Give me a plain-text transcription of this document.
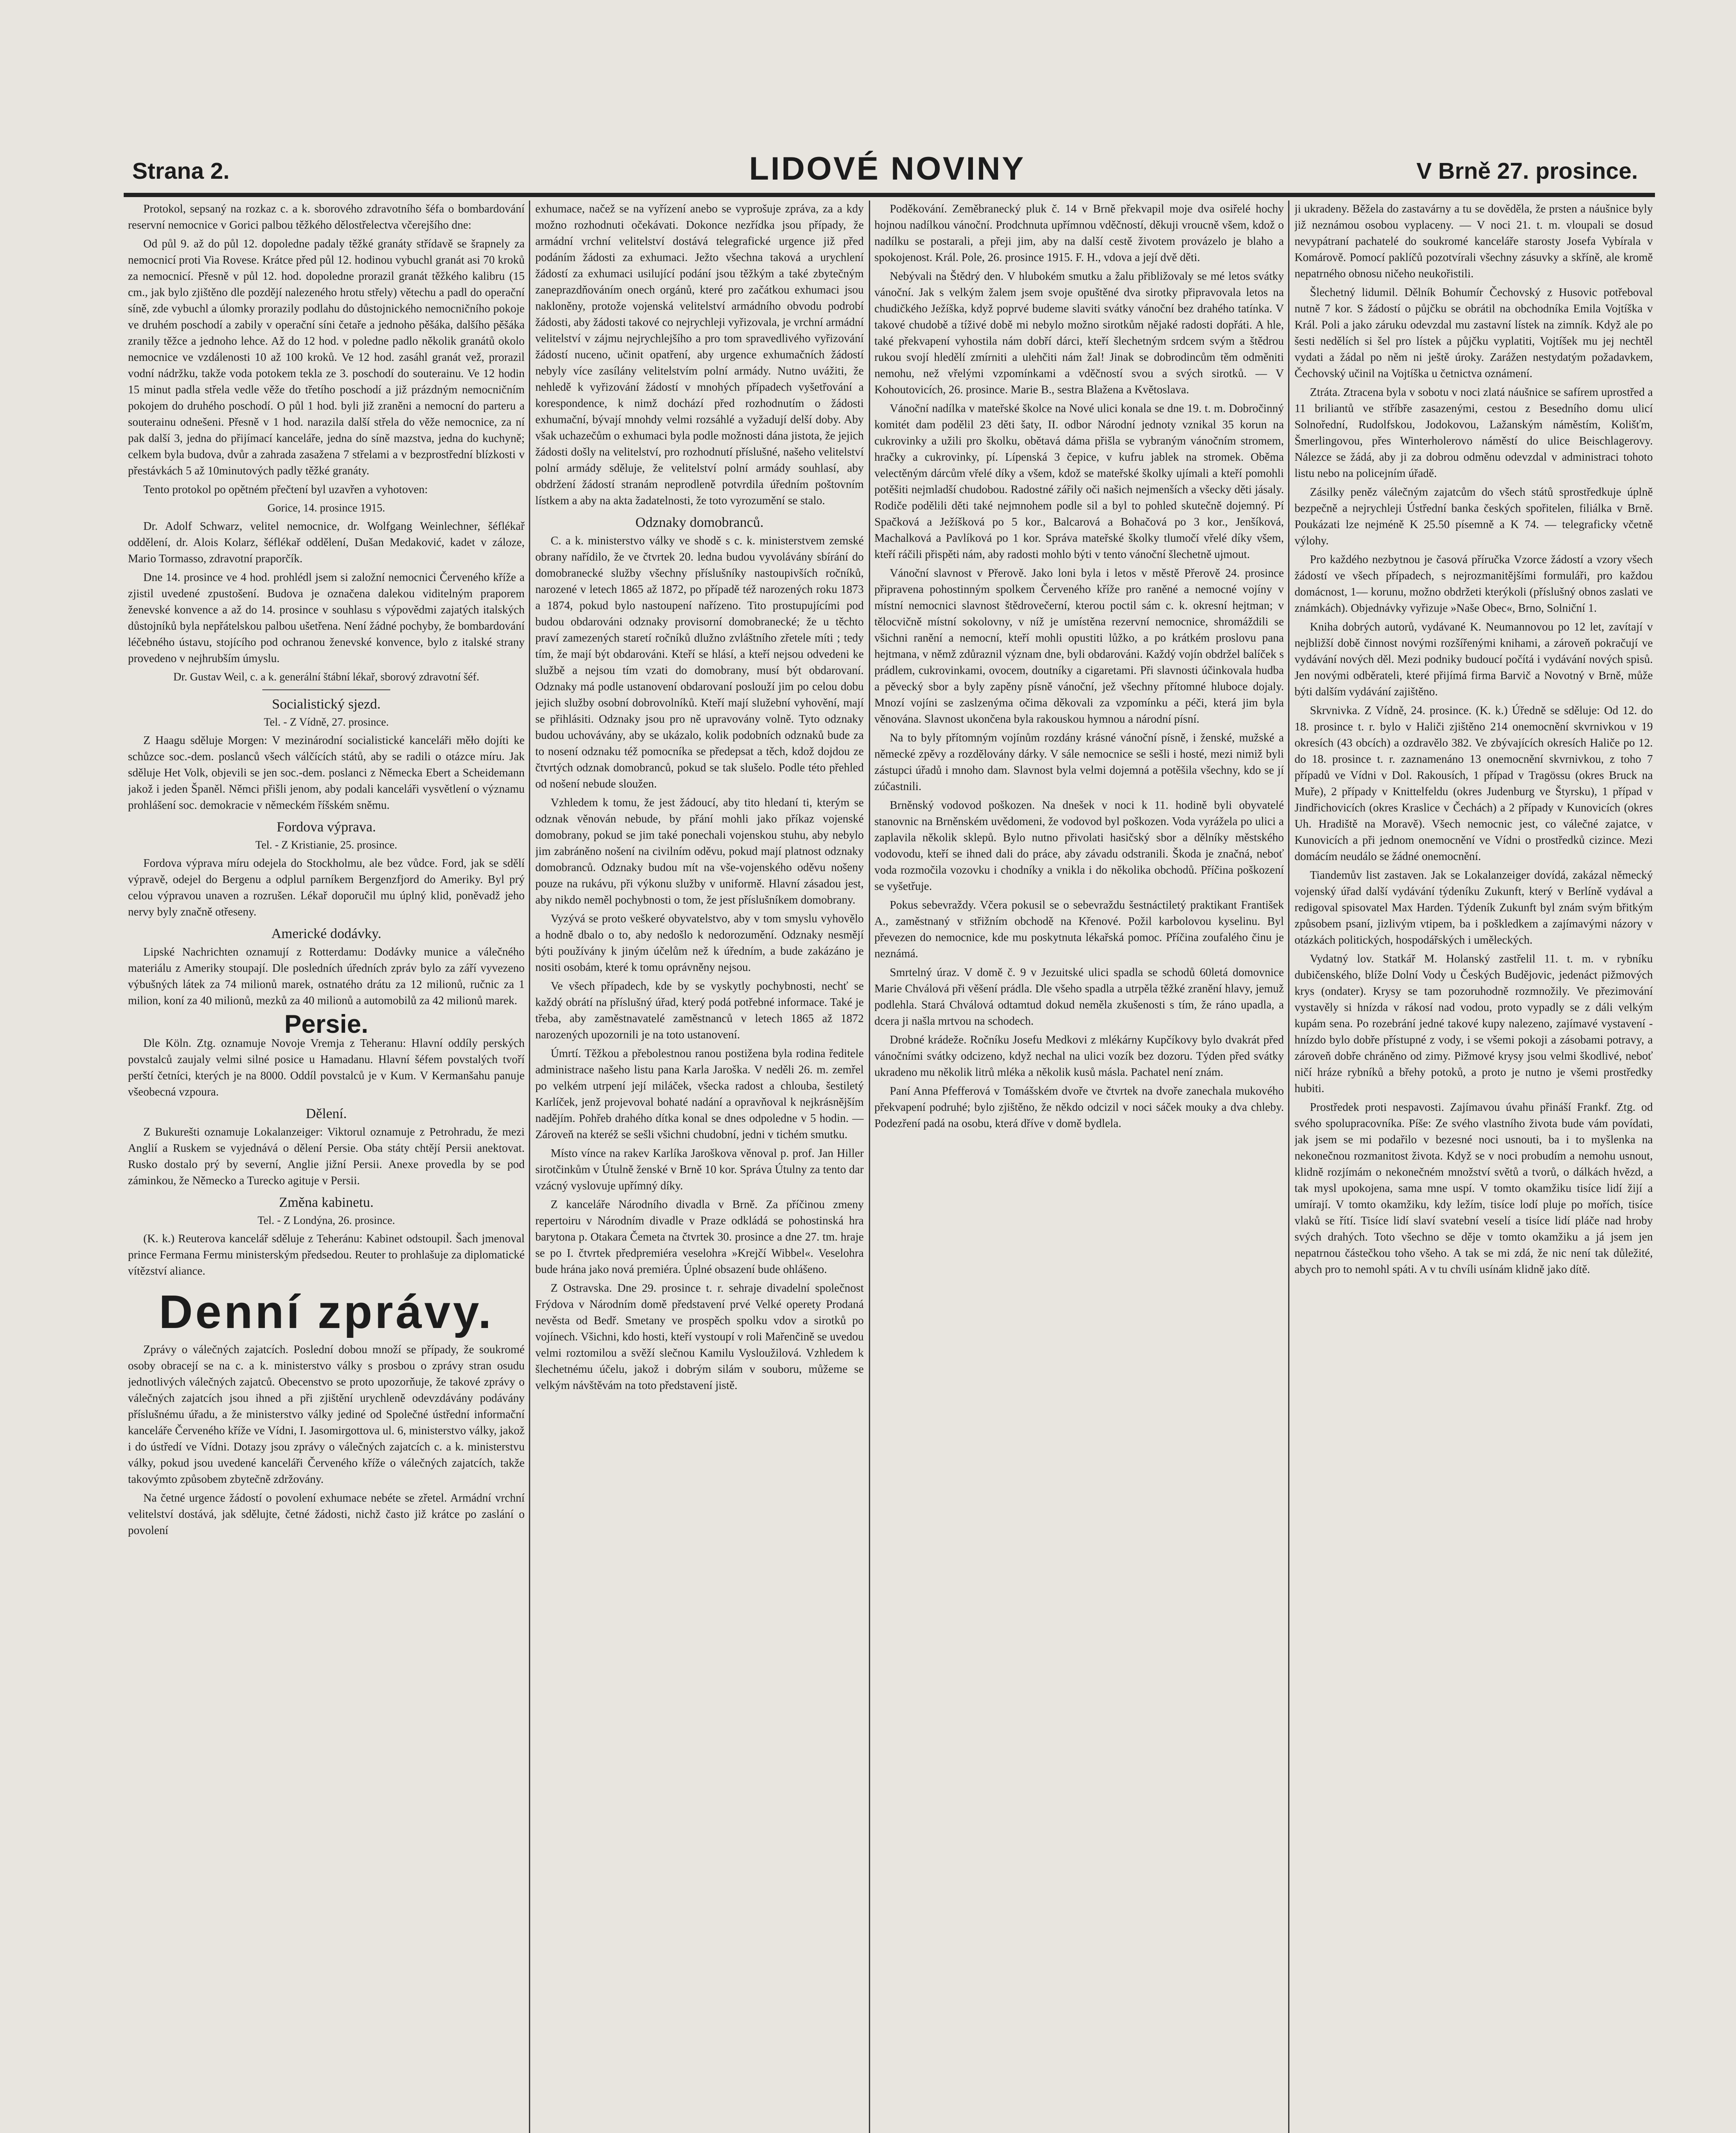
Strana 2.	LIDOVÉ NOVINY	V Brně 27. prosince.

Protokol, sepsaný na rozkaz c. a k. sborového zdravotního šéfa o bombardování reservní nemocnice v Gorici palbou těžkého dělostřelectva včerejšího dne:

Od půl 9. až do půl 12. dopoledne padaly těžké granáty střídavě se šrapnely za nemocnicí proti Via Rovese. Krátce před půl 12. hodinou vybuchl granát asi 70 kroků za nemocnicí. Přesně v půl 12. hod. dopoledne prorazil granát těžkého kalibru (15 cm., jak bylo zjištěno dle pozdějí nalezeného hrotu střely) větechu a padl do operační síně, zde vybuchl a úlomky prorazily podlahu do důstojnického nemocničního pokoje ve druhém poschodí a zabily v operační síni četaře a jednoho pěšáka, dalšího pěšáka zranily těžce a jednoho lehce. Až do 12 hod. v poledne padlo několik granátů okolo nemocnice ve vzdálenosti 10 až 100 kroků. Ve 12 hod. zasáhl granát vež, prorazil vodní nádržku, takže voda potokem tekla ze 3. poschodí do souterainu. Ve 12 hodin 15 minut padla střela vedle věže do třetího poschodí a již prázdným nemocničním pokojem do druhého poschodí. O půl 1 hod. byli již zraněni a nemocní do parteru a souterainu odnešeni. Přesně v 1 hod. narazila další střela do věže nemocnice, za ní pak další 3, jedna do přijímací kanceláře, jedna do síně mazstva, jedna do kuchyně; celkem byla budova, dvůr a zahrada zasažena 7 střelami a v bezprostřední blízkosti v přestávkách 5 až 10minutových padly těžké granáty.

Tento protokol po opětném přečtení byl uzavřen a vyhotoven:

Gorice, 14. prosince 1915.

Dr. Adolf Schwarz, velitel nemocnice, dr. Wolfgang Weinlechner, šéflékař oddělení, dr. Alois Kolarz, šéflékař oddělení, Dušan Medaković, kadet v záloze, Mario Tormasso, zdravotní praporčík.

Dne 14. prosince ve 4 hod. prohlédl jsem si založní nemocnici Červeného kříže a zjistil uvedené zpustošení. Budova je označena dalekou viditelným praporem ženevské konvence a až do 14. prosince v souhlasu s výpovědmi zajatých italských důstojníků byla nepřátelskou palbou ušetřena. Není žádné pochyby, že bombardování léčebného ústavu, stojícího pod ochranou ženevské konvence, bylo z italské strany provedeno v nejhrubším úmyslu.

Dr. Gustav Weil, c. a k. generální štábní lékař, sborový zdravotní šéf.
Socialistický sjezd.
Tel. - Z Vídně, 27. prosince.

Z Haagu sděluje Morgen: V mezinárodní socialistické kanceláři měło dojíti ke schůzce soc.-dem. poslanců všech válčících států, aby se radili o otázce míru. Jak sděluje Het Volk, objevili se jen soc.-dem. poslanci z Německa Ebert a Scheidemann jakož i jeden Španěl. Němci přišli jenom, aby podali kanceláři vysvětlení o významu prohlášení soc. demokracie v německém říšském sněmu.

Fordova výprava.
Tel. - Z Kristianie, 25. prosince.

Fordova výprava míru odejela do Stockholmu, ale bez vůdce. Ford, jak se sdělí výpravě, odejel do Bergenu a odplul parníkem Bergenzfjord do Ameriky. Byl prý celou výpravou unaven a rozrušen. Lékař doporučil mu úplný klid, poněvadž jeho nervy byly značně otřeseny.

Americké dodávky.

Lipské Nachrichten oznamují z Rotterdamu: Dodávky munice a válečného materiálu z Ameriky stoupají. Dle posledních úředních zpráv bylo za září vyvezeno výbušných látek za 74 milionů marek, ostnatého drátu za 12 milionů, ručnic za 1 milion, koní za 40 milionů, mezků za 40 milionů a automobilů za 42 milionů marek.

Persie.

Dle Köln. Ztg. oznamuje Novoje Vremja z Teheranu: Hlavní oddíly perských povstalců zaujaly velmi silné posice u Hamadanu. Hlavní šéfem povstalých tvoří perští četníci, kterých je na 8000. Oddíl povstalců je v Kum. V Kermanšahu panuje všeobecná vzpoura.

Dělení.

Z Bukurešti oznamuje Lokalanzeiger: Viktorul oznamuje z Petrohradu, že mezi Anglií a Ruskem se vyjednává o dělení Persie. Oba státy chtějí Persii anektovat. Rusko dostalo prý by severní, Anglie jižní Persii. Anexe provedla by se pod záminkou, že Německo a Turecko agituje v Persii.

Změna kabinetu.
Tel. - Z Londýna, 26. prosince.

(K. k.) Reuterova kancelář sděluje z Teheránu: Kabinet odstoupil. Šach jmenoval prince Fermana Fermu ministerským předsedou. Reuter to prohlašuje za diplomatické vítězství aliance.

Denní zprávy.

Zprávy o válečných zajatcích. Poslední dobou množí se případy, že soukromé osoby obracejí se na c. a k. ministerstvo války s prosbou o zprávy stran osudu jednotlivých válečných zajatců. Obecenstvo se proto upozorňuje, že takové zprávy o válečných zajatcích jsou ihned a při zjištění urychleně odevzdávány podávány příslušnému úřadu, a že ministerstvo války jediné od Společné ústřední informační kanceláře Červeného kříže ve Vídni, I. Jasomirgottova ul. 6, ministerstvo války, jakož i do ústředí ve Vídni. Dotazy jsou zprávy o válečných zajatcích c. a k. ministerstvu války, pokud jsou uvedené kanceláři Červeného kříže o válečných zajatcích, takže takovýmto způsobem zbytečně zdržovány.

Na četné urgence žádostí o povolení exhumace nebéte se zřetel. Armádní vrchní velitelství dostává, jak sdělujte, četné žádosti, nichž často již krátce po zaslání o povolení

exhumace, načež se na vyřízení anebo se vyprošuje zpráva, za a kdy možno rozhodnuti očekávati. Dokonce nezřídka jsou případy, že armádní vrchní velitelství dostává telegrafické urgence již před podáním žádosti za exhumaci. Ježto všechna taková a urychlení žádostí za exhumaci usilující podání jsou těžkým a také zbytečným zaneprazdňováním onech orgánů, které pro začátkou exhumaci jsou nakloněny, protože vojenská velitelství armádního obvodu podrobí žádosti, aby žádosti takové co nejrychleji vyřizovala, je vrchní armádní velitelství v zájmu nejrychlejšího a pro tom spravedlivého vyřizování žádostí nuceno, učinit opatření, aby urgence exhumačních žádostí nebyly více zasílány velitelstvím polní armády. Nutno uvážiti, že nehledě k vyřizování žádostí v mnohých případech vyšetřování a korespondence, k nimž dochází před rozhodnutím o žádosti exhumační, bývají mnohdy velmi rozsáhlé a vyžadují delší doby. Aby však uchazečům o exhumaci byla podle možnosti dána jistota, že jejich žádosti došly na velitelství, pro rozhodnutí příslušné, našeho velitelství polní armády sděluje, že velitelství polní armády souhlasí, aby obdržení žádostí stranám neprodleně potvrdila úředním poštovním lístkem a aby na akta žadatelnosti, že toto vyrozumění se stalo.

Odznaky domobranců.

C. a k. ministerstvo války ve shodě s c. k. ministerstvem zemské obrany nařídilo, že ve čtvrtek 20. ledna budou vyvolávány sbírání do domobranecké služby všechny příslušníky nastoupivších ročníků, narozené v letech 1865 až 1872, po případě též narozených roku 1873 a 1874, pokud bylo nastoupení nařízeno. Tito prostupujícími pod budou obdarováni odznaky provisorní domobranecké; že u těchto praví zamezených staretí ročníků dlužno zvláštního zřetele míti ; tedy tím, že mají být obdarováni. Kteří se hlásí, a kteří nejsou odvedeni ke službě a nejsou tím vzati do domobrany, musí být obdarovaní. Odznaky má podle ustanovení obdarovaní poslouží jim po celou dobu jejich služby osobní dobrovolníků. Kteří mají služební vyhovění, mají se přihlásiti. Odznaky jsou pro ně upravovány volně. Tyto odznaky budou uchovávány, aby se ukázalo, kolik podobních odznaků bude za to nosení odznaku též pomocníka se předepsat a těch, kdož dojdou ze čtvrtých odznak domobranců, pokud se tak slušelo. Podle této přehled od nošení nebude sloužen.

Vzhledem k tomu, že jest žádoucí, aby tito hledaní ti, kterým se odznak věnován nebude, by přání mohli jako příkaz vojenské domobrany, pokud se jim také ponechali vojenskou stuhu, aby nebylo jim zabráněno nošení na civilním oděvu, pokud mají platnost odznaky domobranců. Odznaky budou mít na vše-vojenského oděvu nošeny pouze na rukávu, při výkonu služby v uniformě. Hlavní zásadou jest, aby nikdo neměl pochybnosti o tom, že jest příslušníkem domobrany.

Vyzývá se proto veškeré obyvatelstvo, aby v tom smyslu vyhovělo a hodně dbalo o to, aby nedošlo k nedorozumění. Odznaky nesmějí býti používány k jiným účelům než k úředním, a bude zakázáno je nositi osobám, které k tomu oprávněny nejsou.

Ve všech případech, kde by se vyskytly pochybnosti, nechť se každý obrátí na příslušný úřad, který podá potřebné informace. Také je třeba, aby zaměstnavatelé zaměstnanců v letech 1865 až 1872 narozených upozornili je na toto ustanovení.

Úmrtí. Těžkou a přebolestnou ranou postižena byla rodina ředitele administrace našeho listu pana Karla Jaroška. V neděli 26. m. zemřel po velkém utrpení její miláček, všecka radost a chlouba, šestiletý Karlíček, jenž projevoval bohaté nadání a opravňoval k nejkrásnějším nadějím. Pohřeb drahého dítka konal se dnes odpoledne v 5 hodin. — Zároveň na kteréž se sešli všichni chudobní, jedni v tichém smutku.

Místo vínce na rakev Karlíka Jaroškova věnoval p. prof. Jan Hiller sirotčinkům v Útulně ženské v Brně 10 kor. Správa Útulny za tento dar vzácný vyslovuje upřímný díky.

Z kanceláře Národního divadla v Brně. Za příčinou zmeny repertoiru v Národním divadle v Praze odkládá se pohostinská hra barytona p. Otakara Čemeta na čtvrtek 30. prosince a dne 27. tm. hraje se po I. čtvrtek předpremiéra veselohra »Krejčí Wibbel«. Veselohra bude hrána jako nová premiéra. Úplné obsazení bude ohlášeno.

Z Ostravska. Dne 29. prosince t. r. sehraje divadelní společnost Frýdova v Národním domě představení prvé Velké operety Prodaná nevěsta od Bedř. Smetany ve prospěch spolku vdov a sirotků po vojínech. Všichni, kdo hosti, kteří vystoupí v roli Mařenčině se uvedou velmi roztomilou a svěží slečnou Kamilu Vysloužilová. Vzhledem k šlechetnému účelu, jakož i dobrým silám v souboru, můžeme se velkým návštěvám na toto představení jistě.

Poděkování. Zeměbranecký pluk č. 14 v Brně překvapil moje dva osiřelé hochy hojnou nadílkou vánoční. Prodchnuta upřímnou vděčností, děkuji vroucně všem, kdož o nadílku se postarali, a přeji jim, aby na další cestě životem provázelo je blaho a spokojenost. Král. Pole, 26. prosince 1915. F. H., vdova a její dvě děti.

Nebývali na Štědrý den. V hlubokém smutku a žalu přibližovaly se mé letos svátky vánoční. Jak s velkým žalem jsem svoje opuštěné dva sirotky připravovala letos na chudičkého Ježíška, když poprvé budeme slaviti svátky vánoční bez drahého tatínka. V takové chudobě a tíživé době mi nebylo možno sirotkům nějaké radosti dopřáti. A hle, také překvapení vyhostila nám dobří dárci, kteří šlechetným srdcem svým a štědrou rukou svojí hledělí zmírniti a ulehčiti nám žal! Jinak se dobrodincům těm odměniti nemohu, než vřelými vzpomínkami a vděčností svou a svých sirotků. — V Kohoutovicích, 26. prosince. Marie B., sestra Blažena a Květoslava.

Vánoční nadílka v mateřské školce na Nové ulici konala se dne 19. t. m. Dobročinný komitét dam podělil 23 děti šaty, II. odbor Národní jednoty vznikal 35 korun na cukrovinky a užili pro školku, obětavá dáma přišla se vybraným vánočním stromem, hračky a cukrovinky, pí. Lípenská 3 čepice, v kufru jablek na stromek. Oběma velectěným dárcům vřelé díky a všem, kdož se mateřské školky ujímali a kteří pomohli potěšiti nejmladší chudobou. Radostné zářily oči našich nejmenších a všecky děti jásaly. Rodiče podělili děti také nejmnohem podle sil a byl to pohled skutečně dojemný. Pí Spačková a Ježíšková po 5 kor., Balcarová a Bohačová po 3 kor., Jenšíková, Machalková a Pavlíková po 1 kor. Správa mateřské školky tlumočí vřelé díky všem, kteří ráčili přispěti nám, aby radosti mohlo býti v tento vánoční šlechetně ujmout.

Vánoční slavnost v Přerově. Jako loni byla i letos v městě Přerově 24. prosince připravena pohostinným spolkem Červeného kříže pro raněné a nemocné vojíny v místní nemocnici slavnost štědrovečerní, kterou poctil sám c. k. okresní hejtman; v tělocvičně místní sokolovny, v níž je umístěna rezervní nemocnice, shromáždili se všichni ranění a nemocní, kteří mohli opustiti lůžko, a po krátkém proslovu pana hejtmana, v němž zdůraznil význam dne, byli obdarováni. Každý vojín obdržel balíček s prádlem, cukrovinkami, ovocem, doutníky a cigaretami. Při slavnosti účinkovala hudba a pěvecký sbor a byly zapěny písně vánoční, jež všechny přítomné hluboce dojaly. Mnozí vojíni se zaslzenýma očima děkovali za vzpomínku a péči, která jim byla věnována. Slavnost ukončena byla rakouskou hymnou a národní písní.

Na to byly přítomným vojínům rozdány krásné vánoční písně, i ženské, mužské a německé zpěvy a rozdělovány dárky. V sále nemocnice se sešli i hosté, mezi nimiž byli zástupci úřadů i mnoho dam. Slavnost byla velmi dojemná a potěšila všechny, kdo se jí zúčastnili.

Brněnský vodovod poškozen. Na dnešek v noci k 11. hodině byli obyvatelé stanovnic na Brněnském uvědomeni, že vodovod byl poškozen. Voda vyrážela po ulici a zaplavila několik sklepů. Bylo nutno přivolati hasičský sbor a dělníky městského vodovodu, kteří se ihned dali do práce, aby závadu odstranili. Škoda je značná, neboť voda rozmočila vozovku i chodníky a vnikla i do několika obchodů. Příčina poškození se vyšetřuje.

Pokus sebevraždy. Včera pokusil se o sebevraždu šestnáctiletý praktikant František A., zaměstnaný v střižním obchodě na Křenové. Požil karbolovou kyselinu. Byl převezen do nemocnice, kde mu poskytnuta lékařská pomoc. Příčina zoufalého činu je neznámá.

Smrtelný úraz. V domě č. 9 v Jezuitské ulici spadla se schodů 60letá domovnice Marie Chválová při věšení prádla. Dle všeho spadla a utrpěla těžké zranění hlavy, jemuž podlehla. Stará Chválová odtamtud dokud neměla zkušenosti s tím, že ráno upadla, a dcera ji našla mrtvou na schodech.

Drobné krádeže. Ročníku Josefu Medkovi z mlékárny Kupčíkovy bylo dvakrát před vánočními svátky odcizeno, když nechal na ulici vozík bez dozoru. Týden před svátky ukradeno mu několik litrů mléka a několik kusů másla. Pachatel není znám.

Paní Anna Pfefferová v Tomášském dvoře ve čtvrtek na dvoře zanechala mukového překvapení podruhé; bylo zjištěno, že někdo odcizil v noci sáček mouky a dva chleby. Podezření padá na osobu, která dříve v domě bydlela.

ji ukradeny. Běžela do zastavárny a tu se dověděla, že prsten a náušnice byly již neznámou osobou vyplaceny. — V noci 21. t. m. vloupali se dosud nevypátraní pachatelé do soukromé kanceláře starosty Josefa Vybírala v Komárově. Pomocí paklíčů pozotvírali všechny zásuvky a skříně, ale kromě nepatrného obnosu ničeho neukořistili.

Šlechetný lidumil. Dělník Bohumír Čechovský z Husovic potřeboval nutně 7 kor. S žádostí o půjčku se obrátil na obchodníka Emila Vojtíška v Král. Poli a jako záruku odevzdal mu zastavní lístek na zimník. Když ale po šesti nedělích si šel pro lístek a půjčku vyplatiti, Vojtíšek mu jej nechtěl vydati a žádal po něm ni ještě úroky. Zarážen nestydatým požadavkem, Čechovský učinil na Vojtíška u četnictva oznámení.

Ztráta. Ztracena byla v sobotu v noci zlatá náušnice se safírem uprostřed a 11 briliantů ve stříbře zasazenými, cestou z Besedního domu ulicí Solnořední, Rudolfskou, Jodokovou, Lažanským náměstím, Kolišťm, Šmerlingovou, přes Winterholerovo náměstí do ulice Beischlagerovy. Nálezce se žádá, aby ji za dobrou odměnu odevzdal v administraci tohoto listu nebo na policejním úřadě.

Zásilky peněz válečným zajatcům do všech států sprostředkuje úplně bezpečně a nejrychleji Ústřední banka českých spořitelen, filiálka v Brně. Poukázati lze nejméně K 25.50 písemně a K 74. — telegraficky včetně výlohy.

Pro každého nezbytnou je časová příručka Vzorce žádostí a vzory všech žádostí ve všech případech, s nejrozmanitějšími formuláři, pro každou domácnost, 1— korunu, možno obdržeti kterýkoli (příslušný obnos zaslati ve známkách). Objednávky vyřizuje »Naše Obec«, Brno, Solniční 1.

Kniha dobrých autorů, vydávané K. Neumannovou po 12 let, zavítají v nejbližší době činnost novými rozšířenými knihami, a zároveň pokračují ve vydávání nových děl. Mezi podniky budoucí počítá i vydávání nových spisů. Jen novými odběrateli, které přijímá firma Barvič a Novotný v Brně, může býti dalším vydávání zajištěno.

Skrvnivka. Z Vídně, 24. prosince. (K. k.) Úředně se sděluje: Od 12. do 18. prosince t. r. bylo v Haliči zjištěno 214 onemocnění skvrnivkou v 19 okresích (43 obcích) a ozdravělo 382. Ve zbývajících okresích Haliče po 12. do 18. prosince t. r. zaznamenáno 13 onemocnění skvrnivkou, z toho 7 případů ve Vídni v Dol. Rakousích, 1 případ v Tragössu (okres Bruck na Muře), 2 případy v Knittelfeldu (okres Judenburg ve Štyrsku), 1 případ v Jindřichovicích (okres Kraslice v Čechách) a 2 případy v Kunovicích (okres Uh. Hradiště na Moravě). Všech nemocnic jest, co válečné zajatce, v Kunovicích a při jednom onemocnění ve Vídni o prostředků cizince. Mezi domácím neudálo se žádné onemocnění.

Tiandemův list zastaven. Jak se Lokalanzeiger dovídá, zakázal německý vojenský úřad další vydávání týdeníku Zukunft, který v Berlíně vydával a redigoval spisovatel Max Harden. Týdeník Zukunft byl znám svým břitkým způsobem psaní, jizlivým vtipem, ba i poškledkem a zajímavými názory v otázkách politických, hospodářských i uměleckých.

Vydatný lov. Statkář M. Holanský zastřelil 11. t. m. v rybníku dubičenského, blíže Dolní Vody u Českých Budějovic, jedenáct pižmových krys (ondater). Krysy se tam pozoruhodně rozmnožily. Ve přezimování vystavěly si hnízda v rákosí nad vodou, proto vypadly se z dáli velkým kupám sena. Po rozebrání jedné takové kupy nalezeno, zajímavé vystavení - hnízdo bylo dobře přístupné z vody, i se všemi pokoji a zásobami potravy, a zároveň dobře chráněno od zimy. Pižmové krysy jsou velmi škodlivé, neboť ničí hráze rybníků a břehy potoků, a proto je nutno je všemi prostředky hubiti.

Prostředek proti nespavosti. Zajímavou úvahu přináší Frankf. Ztg. od svého spolupracovníka. Píše: Ze svého vlastního života bude vám povídati, jak jsem se mi podařilo v bezesné noci usnouti, ba i to myšlenka na nekonečnou rozmanitost života. Když se v noci probudím a nemohu usnout, klidně rozjímám o nekonečném množství světů a tvorů, o dálkách hvězd, a tak mysl upokojena, sama mne uspí. V tomto okamžiku tisíce lidí žijí a umírají. V tomto okamžiku, kdy ležím, tisíce lodí pluje po mořích, tisíce vlaků se řítí. Tisíce lidí slaví svatební veselí a tisíce lidí pláče nad hroby svých drahých. Toto všechno se děje v tomto okamžiku a já jsem jen nepatrnou částečkou toho všeho. A tak se mi zdá, že nic není tak důležité, abych pro to nemohl spáti. A v tu chvíli usínám klidně jako dítě.
